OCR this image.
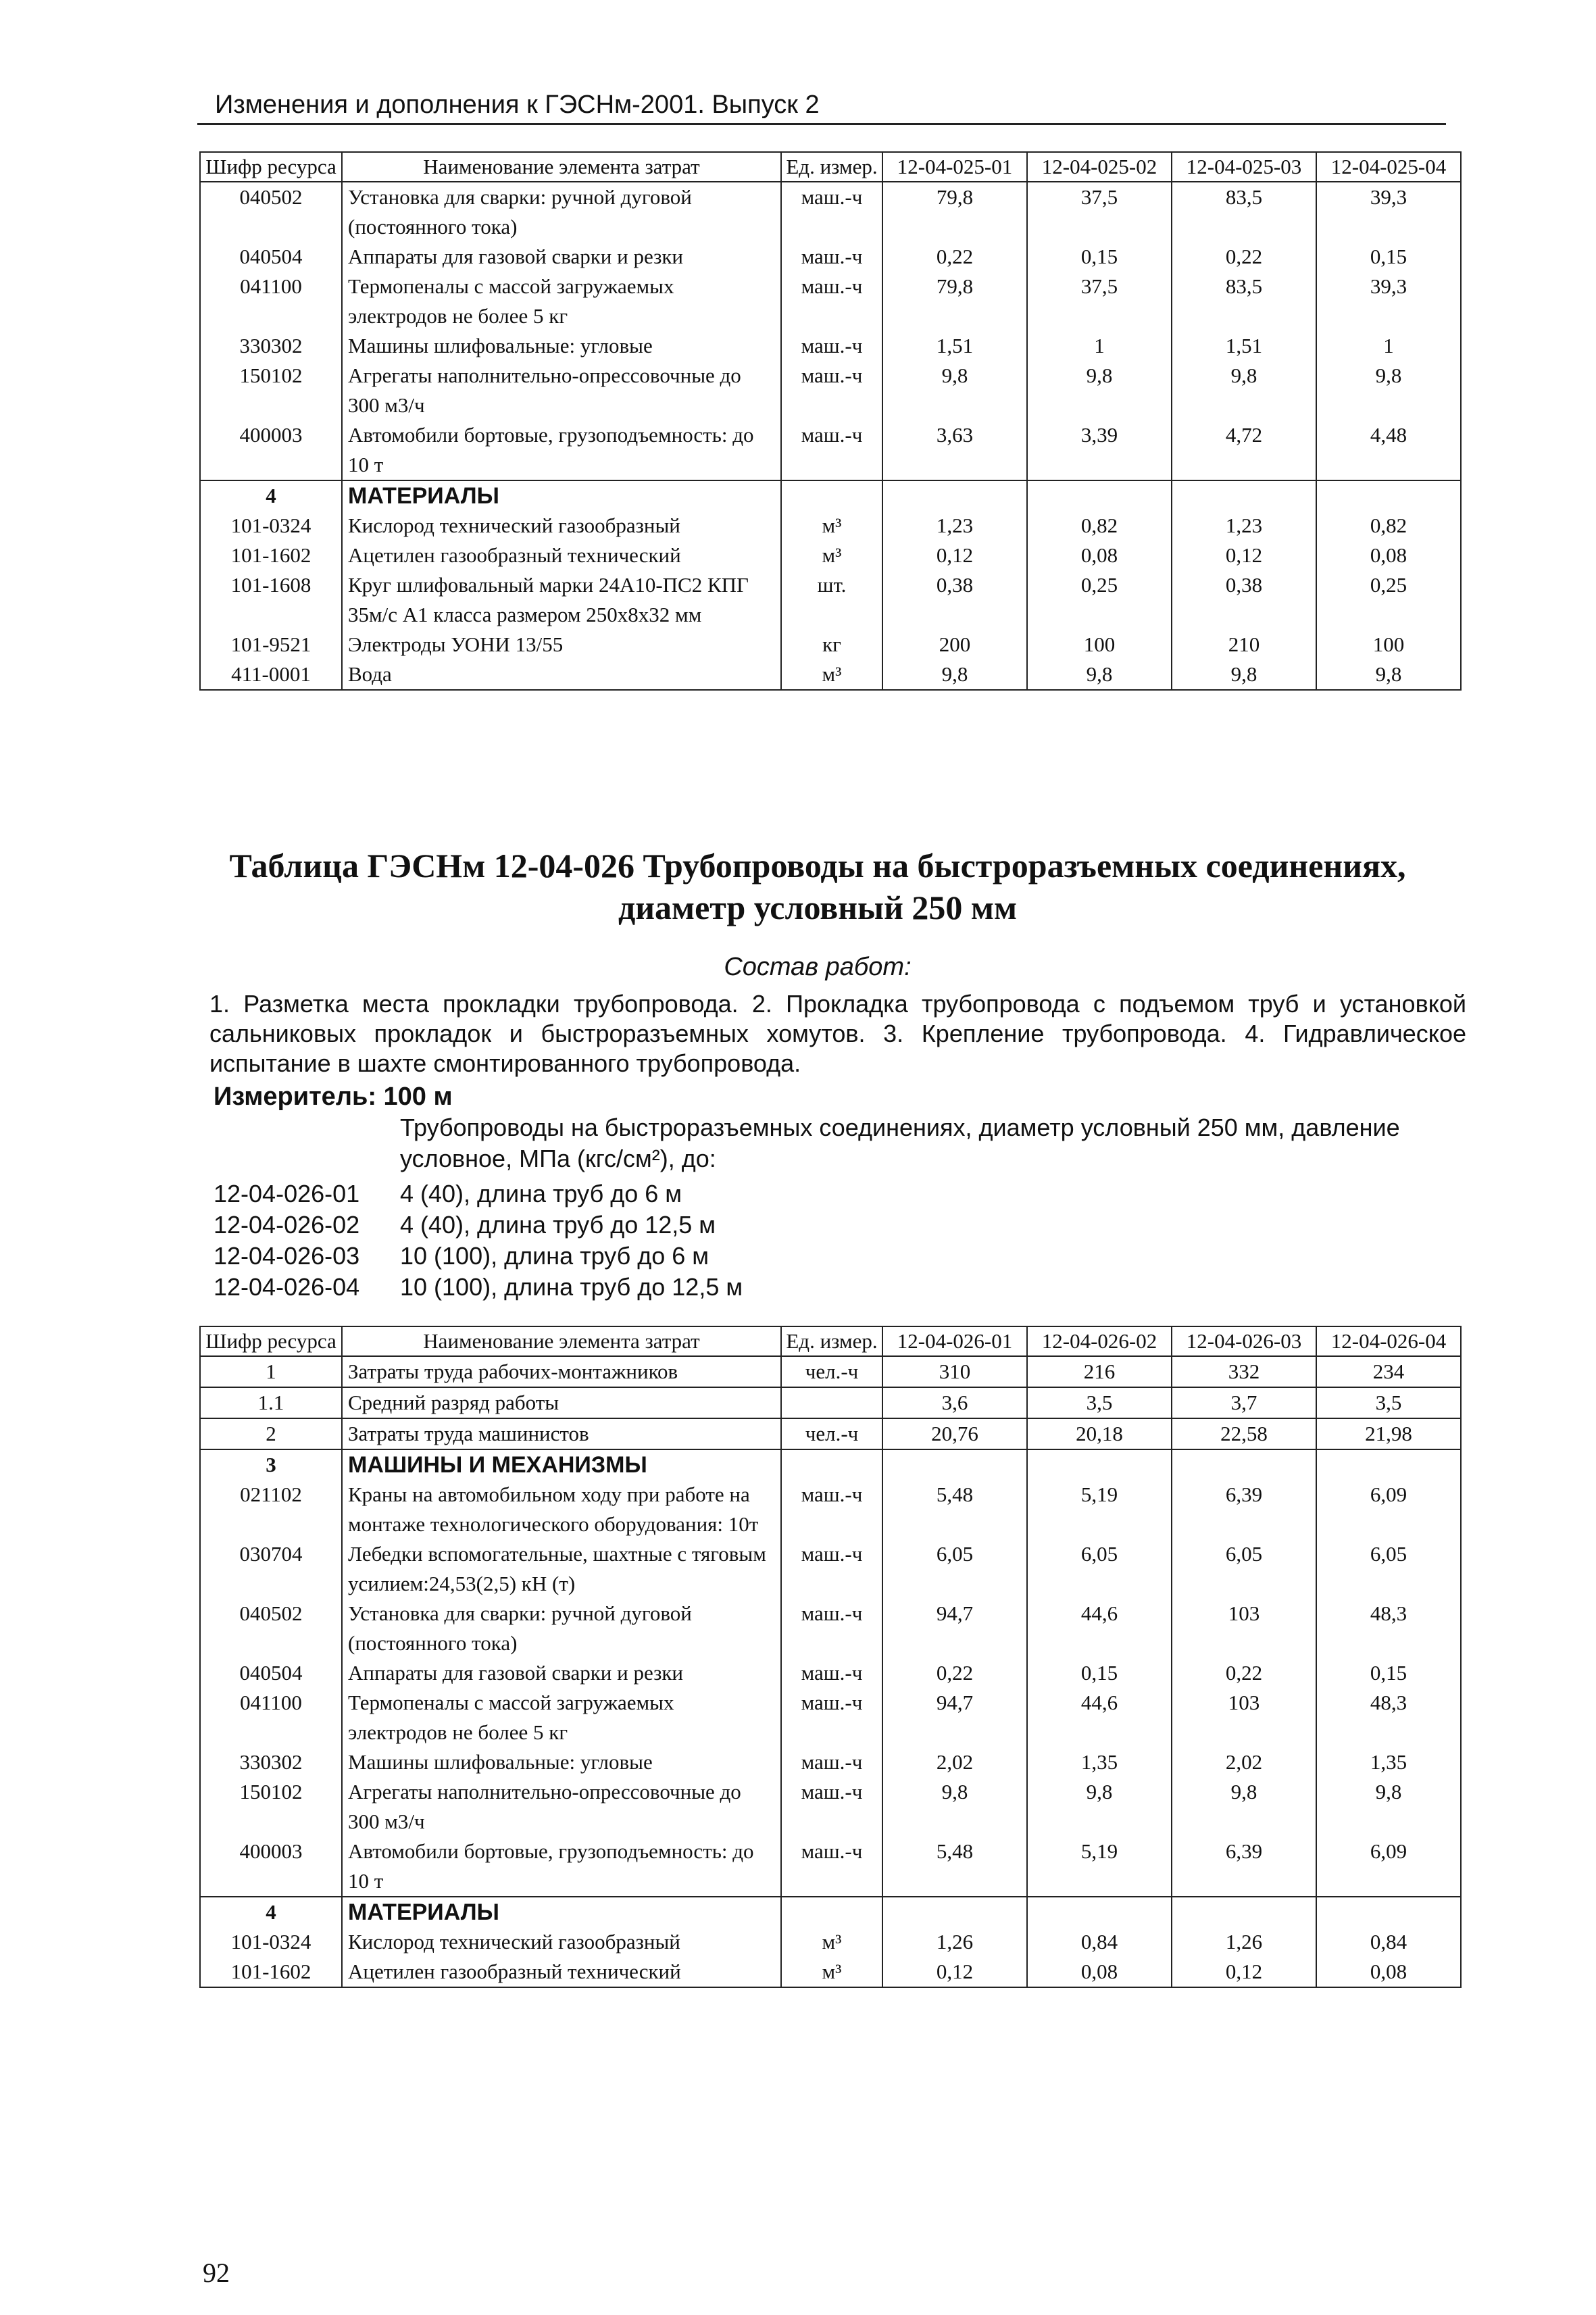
Изменения и дополнения к ГЭСНм-2001. Выпуск 2
Шифр ресурса	Наименование элемента затрат	Ед. измер.	12-04-025-01	12-04-025-02	12-04-025-03	12-04-025-04
040502	Установка для сварки: ручной дуговой (постоянного тока)	маш.-ч	79,8	37,5	83,5	39,3
040504	Аппараты для газовой сварки и резки	маш.-ч	0,22	0,15	0,22	0,15
041100	Термопеналы с массой загружаемых электродов не более 5 кг	маш.-ч	79,8	37,5	83,5	39,3
330302	Машины шлифовальные: угловые	маш.-ч	1,51	1	1,51	1
150102	Агрегаты наполнительно-опрессовочные до 300 м3/ч	маш.-ч	9,8	9,8	9,8	9,8
400003	Автомобили бортовые, грузоподъемность: до 10 т	маш.-ч	3,63	3,39	4,72	4,48
4	МАТЕРИАЛЫ					
101-0324	Кислород технический газообразный	м³	1,23	0,82	1,23	0,82
101-1602	Ацетилен газообразный технический	м³	0,12	0,08	0,12	0,08
101-1608	Круг шлифовальный марки 24А10-ПС2 КПГ 35м/с А1 класса размером 250х8х32 мм	шт.	0,38	0,25	0,38	0,25
101-9521	Электроды УОНИ 13/55	кг	200	100	210	100
411-0001	Вода	м³	9,8	9,8	9,8	9,8
Таблица ГЭСНм 12-04-026 Трубопроводы на быстроразъемных соединениях, диаметр условный 250 мм
Состав работ:
1. Разметка места прокладки трубопровода. 2. Прокладка трубопровода с подъемом труб и установкой сальниковых прокладок и быстроразъемных хомутов. 3. Крепление трубопровода. 4. Гидравлическое испытание в шахте смонтированного трубопровода.
Измеритель: 100 м
Трубопроводы на быстроразъемных соединениях, диаметр условный 250 мм, давление условное, МПа (кгс/см²), до:
12-04-026-01	4 (40), длина труб до 6 м
12-04-026-02	4 (40), длина труб до 12,5 м
12-04-026-03	10 (100), длина труб до 6 м
12-04-026-04	10 (100), длина труб до 12,5 м
Шифр ресурса	Наименование элемента затрат	Ед. измер.	12-04-026-01	12-04-026-02	12-04-026-03	12-04-026-04
1	Затраты труда рабочих-монтажников	чел.-ч	310	216	332	234
1.1	Средний разряд работы		3,6	3,5	3,7	3,5
2	Затраты труда машинистов	чел.-ч	20,76	20,18	22,58	21,98
3	МАШИНЫ И МЕХАНИЗМЫ					
021102	Краны на автомобильном ходу при работе на монтаже технологического оборудования: 10т	маш.-ч	5,48	5,19	6,39	6,09
030704	Лебедки вспомогательные, шахтные с тяговым усилием:24,53(2,5) кН (т)	маш.-ч	6,05	6,05	6,05	6,05
040502	Установка для сварки: ручной дуговой (постоянного тока)	маш.-ч	94,7	44,6	103	48,3
040504	Аппараты для газовой сварки и резки	маш.-ч	0,22	0,15	0,22	0,15
041100	Термопеналы с массой загружаемых электродов не более 5 кг	маш.-ч	94,7	44,6	103	48,3
330302	Машины шлифовальные: угловые	маш.-ч	2,02	1,35	2,02	1,35
150102	Агрегаты наполнительно-опрессовочные до 300 м3/ч	маш.-ч	9,8	9,8	9,8	9,8
400003	Автомобили бортовые, грузоподъемность: до 10 т	маш.-ч	5,48	5,19	6,39	6,09
4	МАТЕРИАЛЫ					
101-0324	Кислород технический газообразный	м³	1,26	0,84	1,26	0,84
101-1602	Ацетилен газообразный технический	м³	0,12	0,08	0,12	0,08
92
